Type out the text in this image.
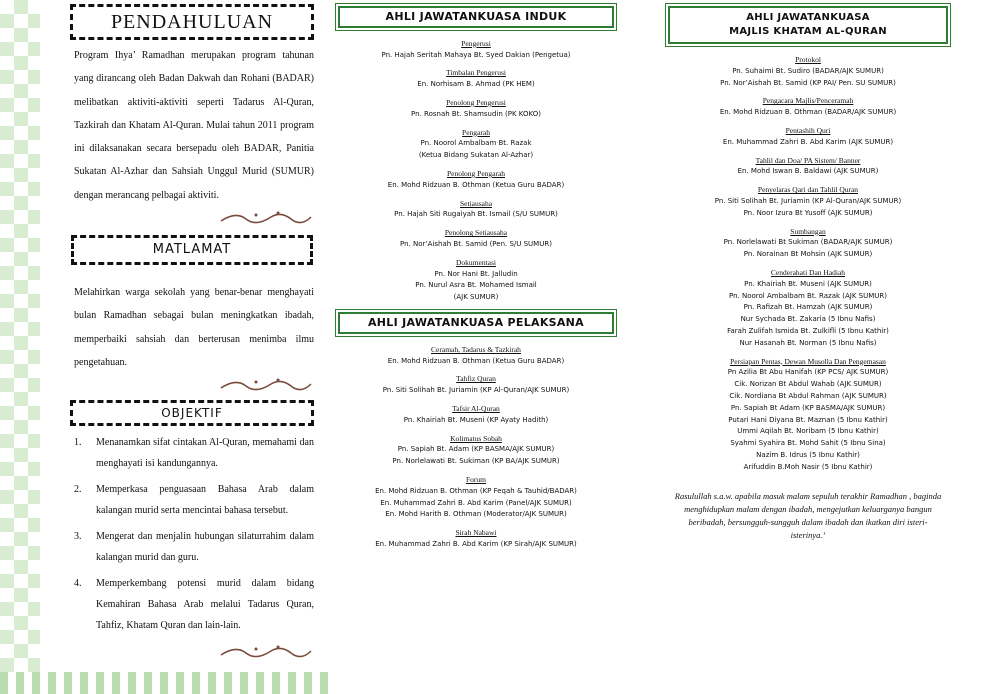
PENDAHULUAN
Program Ihya’ Ramadhan merupakan program tahunan yang dirancang oleh Badan Dakwah dan Rohani (BADAR) melibatkan aktiviti-aktiviti seperti Tadarus Al-Quran, Tazkirah dan Khatam Al-Quran. Mulai tahun 2011 program ini dilaksanakan secara bersepadu oleh BADAR, Panitia Sukatan Al-Azhar dan Sahsiah Unggul Murid (SUMUR) dengan merancang pelbagai aktiviti.
MATLAMAT
Melahirkan warga sekolah yang benar-benar menghayati bulan Ramadhan sebagai bulan meningkatkan ibadah, memperbaiki sahsiah dan berterusan menimba ilmu pengetahuan.
OBJEKTIF
1.	Menanamkan sifat cintakan Al-Quran, memahami dan menghayati isi kandungannya.
2.	Memperkasa penguasaan Bahasa Arab dalam kalangan murid serta mencintai bahasa tersebut.
3.	Mengerat dan menjalin hubungan silaturrahim dalam kalangan murid dan guru.
4.	Memperkembang potensi murid dalam bidang Kemahiran Bahasa Arab melalui Tadarus Quran, Tahfiz, Khatam Quran dan lain-lain.
AHLI JAWATANKUASA INDUK
Pengerusi
Pn. Hajah Seritah Mahaya Bt. Syed Dakian (Pengetua)
Timbalan Pengerusi
En. Norhisam B. Ahmad (PK HEM)
Penolong Pengerusi
Pn. Rosnah Bt. Shamsudin (PK KOKO)
Pengarah
Pn. Noorol Ambalbam Bt. Razak
(Ketua Bidang Sukatan Al-Azhar)
Penolong Pengarah
En. Mohd Ridzuan B. Othman (Ketua Guru BADAR)
Setiausaha
Pn. Hajah Siti Rugaiyah Bt. Ismail (S/U SUMUR)
Penolong Setiausaha
Pn. Nor’Aishah Bt. Samid (Pen. S/U SUMUR)
Dokumentasi
Pn. Nor Hani Bt. Jalludin
Pn. Nurul Asra Bt. Mohamed Ismail
(AJK SUMUR)
AHLI JAWATANKUASA PELAKSANA
Ceramah, Tadarus & Tazkirah
En. Mohd Ridzuan B. Othman (Ketua Guru BADAR)
Tahfiz Quran
Pn. Siti Solihah Bt. Juriamin (KP Al-Quran/AJK SUMUR)
Tafsir Al-Quran
Pn. Khairiah Bt. Museni (KP Ayaty Hadith)
Kolimatus Sobah
Pn. Sapiah Bt. Adam (KP BASMA/AJK SUMUR)
Pn. Norlelawati Bt. Sukiman (KP BA/AJK SUMUR)
Forum
En. Mohd Ridzuan B. Othman (KP Feqah & Tauhid/BADAR)
En. Muhammad Zahri B. Abd Karim (Panel/AJK SUMUR)
En. Mohd Harith B. Othman (Moderator/AJK SUMUR)
Sirah Nabawi
En. Muhammad Zahri B. Abd Karim (KP Sirah/AJK SUMUR)
AHLI JAWATANKUASA
MAJLIS KHATAM AL-QURAN
Protokol
Pn. Suhaimi Bt. Sudiro (BADAR/AJK SUMUR)
Pn. Nor’Aishah Bt. Samid (KP PAI/ Pen. SU SUMUR)
Pengacara Majlis/Penceramah
En. Mohd Ridzuan B. Othman (BADAR/AJK SUMUR)
Pentashih Quri
En. Muhammad Zahri B. Abd Karim (AJK SUMUR)
Tahlil dan Doa/ PA Sistem/ Banner
En. Mohd Iswan B. Baldawi (AJK SUMUR)
Penyelaras Qari dan Tahlil Quran
Pn. Siti Solihah Bt. Juriamin (KP Al-Quran/AJK SUMUR)
Pn. Noor Izura Bt Yusoff (AJK SUMUR)
Sumbangan
Pn. Norlelawati Bt Sukiman (BADAR/AJK SUMUR)
Pn. Norainan Bt Mohsin (AJK SUMUR)
Cenderahati Dan Hadiah
Pn. Khairiah Bt. Museni (AJK SUMUR)
Pn. Noorol Ambalbam Bt. Razak (AJK SUMUR)
Pn. Rafizah Bt. Hamzah (AJK SUMUR)
Nur Sychada Bt. Zakaria (5 Ibnu Nafis)
Farah Zulifah Ismida Bt. Zulkifli (5 Ibnu Kathir)
Nur Hasanah Bt. Norman (5 Ibnu Nafis)
Persiapan Pentas, Dewan Musolla Dan Pengemasan
Pn Azilia Bt Abu Hanifah (KP PCS/ AJK SUMUR)
Cik. Norizan Bt Abdul Wahab (AJK SUMUR)
Cik. Nordiana Bt Abdul Rahman (AJK SUMUR)
Pn. Sapiah Bt Adam (KP BASMA/AJK SUMUR)
Putari Hani Diyana Bt. Maznan (5 Ibnu Kathir)
Ummi Aqilah Bt. Noribam (5 Ibnu Kathir)
Syahmi Syahira Bt. Mohd Sahit (5 Ibnu Sina)
Nazim B. Idrus (5 Ibnu Kathir)
Arifuddin B.Moh Nasir (5 Ibnu Kathir)
Rasulullah s.a.w. apabila masuk malam sepuluh terakhir Ramadhan , baginda menghidupkan malam dengan ibadah, mengejutkan keluarganya bangun beribadah, bersungguh-sungguh dalam ibadah dan ikatkan diri isteri-isterinya.’
